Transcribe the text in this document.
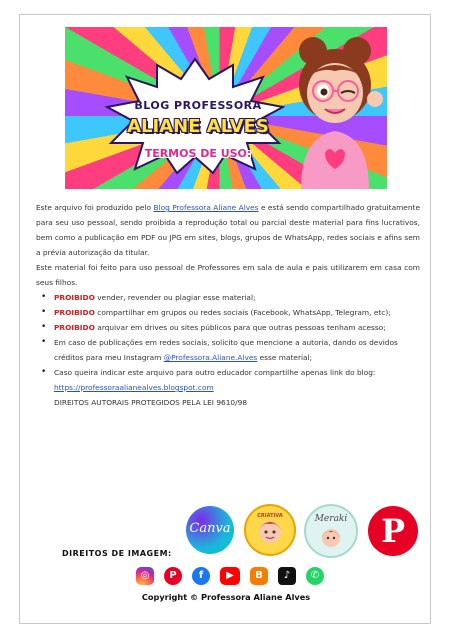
BLOG PROFESSORA
ALIANE ALVES
TERMOS DE USO:

Este arquivo foi produzido pelo Blog Professora Aliane Alves e está sendo compartilhado gratuitamente para seu uso pessoal, sendo proibida a reprodução total ou parcial deste material para fins lucrativos, bem como a publicação em PDF ou JPG em sites, blogs, grupos de WhatsApp, redes sociais e afins sem a prévia autorização da titular.

Este material foi feito para uso pessoal de Professores em sala de aula e pais utilizarem em casa com seus filhos.

• PROIBIDO vender, revender ou plagiar esse material;
• PROIBIDO compartilhar em grupos ou redes sociais (Facebook, WhatsApp, Telegram, etc);
• PROIBIDO arquivar em drives ou sites públicos para que outras pessoas tenham acesso;
• Em caso de publicações em redes sociais, solicito que mencione a autoria, dando os devidos créditos para meu Instagram @Professora.Aliane.Alves esse material;
• Caso queira indicar este arquivo para outro educador compartilhe apenas link do blog:
https://professoraalianealves.blogspot.com
DIREITOS AUTORAIS PROTEGIDOS PELA LEI 9610/98
Canva
CRIATIVA	Meraki	P
DIREITOS DE IMAGEM:
◎	P	f	▶	B	♪	✆
Copyright © Professora Aliane Alves
